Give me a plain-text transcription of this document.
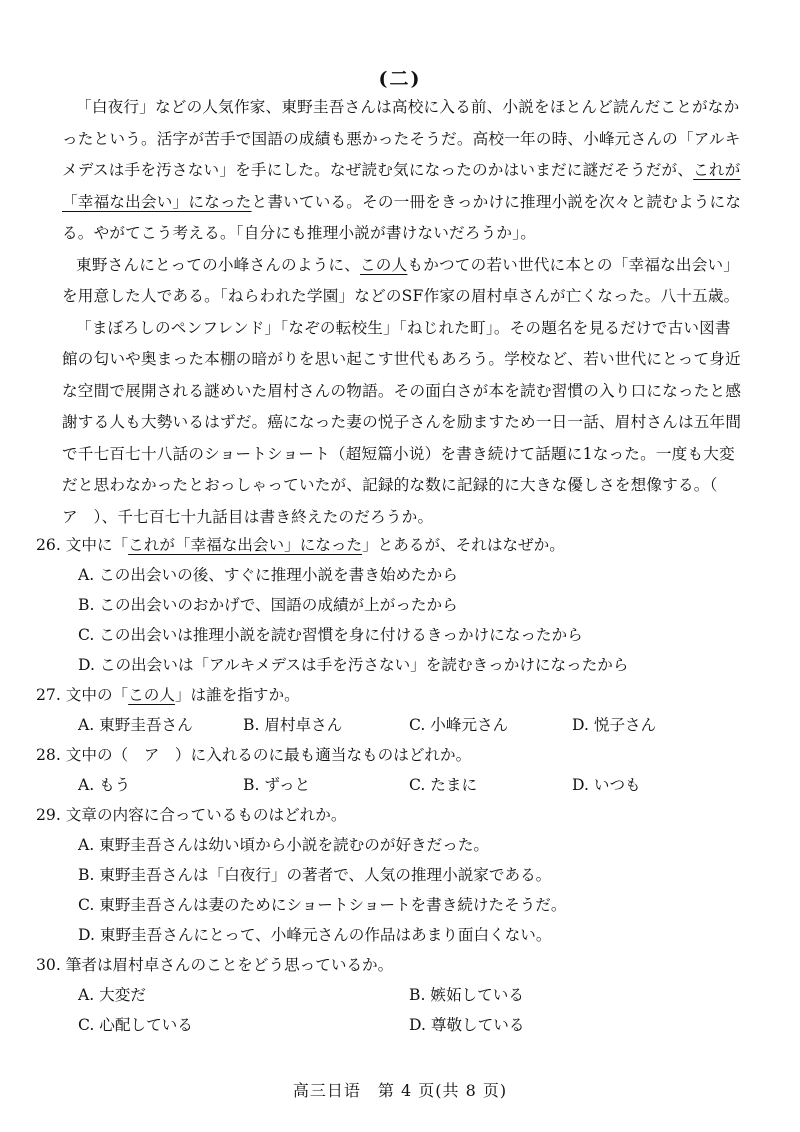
(二)

「白夜行」などの人気作家、東野圭吾さんは高校に入る前、小説をほとんど読んだことがなかったという。活字が苦手で国語の成績も悪かったそうだ。高校一年の時、小峰元さんの「アルキメデスは手を汚さない」を手にした。なぜ読む気になったのかはいまだに謎だそうだが、これが「幸福な出会い」になったと書いている。その一冊をきっかけに推理小説を次々と読むようになる。やがてこう考える。「自分にも推理小説が書けないだろうか」。

東野さんにとっての小峰さんのように、この人もかつての若い世代に本との「幸福な出会い」を用意した人である。「ねらわれた学園」などのSF作家の眉村卓さんが亡くなった。八十五歳。

「まぼろしのペンフレンド」「なぞの転校生」「ねじれた町」。その題名を見るだけで古い図書館の匂いや奥まった本棚の暗がりを思い起こす世代もあろう。学校など、若い世代にとって身近な空間で展開される謎めいた眉村さんの物語。その面白さが本を読む習慣の入り口になったと感謝する人も大勢いるはずだ。癌になった妻の悦子さんを励ますため一日一話、眉村さんは五年間で千七百七十八話のショートショート（超短篇小说）を書き続けて話題に1なった。一度も大変だと思わなかったとおっしゃっていたが、記録的な数に記録的に大きな優しさを想像する。（　ア　）、千七百七十九話目は書き終えたのだろうか。

26. 文中に「これが「幸福な出会い」になった」とあるが、それはなぜか。
A. この出会いの後、すぐに推理小説を書き始めたから
B. この出会いのおかげで、国語の成績が上がったから
C. この出会いは推理小説を読む習慣を身に付けるきっかけになったから
D. この出会いは「アルキメデスは手を汚さない」を読むきっかけになったから
27. 文中の「この人」は誰を指すか。
A. 東野圭吾さん	B. 眉村卓さん	C. 小峰元さん	D. 悦子さん
28. 文中の（　ア　）に入れるのに最も適当なものはどれか。
A. もう	B. ずっと	C. たまに	D. いつも
29. 文章の内容に合っているものはどれか。
A. 東野圭吾さんは幼い頃から小説を読むのが好きだった。
B. 東野圭吾さんは「白夜行」の著者で、人気の推理小説家である。
C. 東野圭吾さんは妻のためにショートショートを書き続けたそうだ。
D. 東野圭吾さんにとって、小峰元さんの作品はあまり面白くない。
30. 筆者は眉村卓さんのことをどう思っているか。
A. 大変だ	B. 嫉妬している
C. 心配している	D. 尊敬している
高三日语　第 4 页(共 8 页)
